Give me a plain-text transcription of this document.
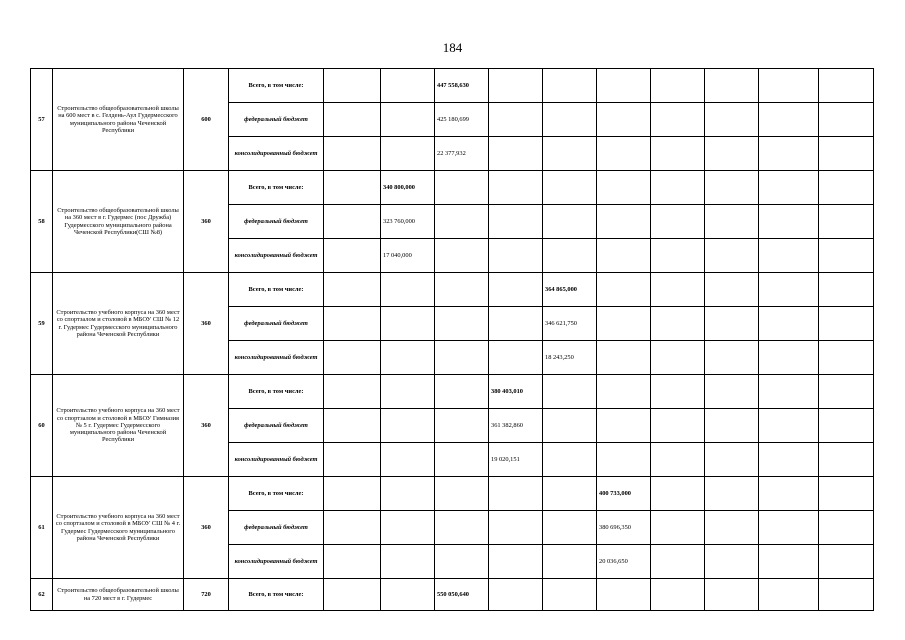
184
57	Строительство общеобразовательной школы на 600 мест в с. Гелдень-Аул Гудермесского муниципального района Чеченской Республики	600	Всего, в том числе:			447 558,630							
			федеральный бюджет			425 180,699							
			консолидированный бюджет			22 377,932							
58	Строительство общеобразовательной школы на 360 мест в г. Гудермес (пос Дружба) Гудермесского муниципального района Чеченской Республики(СШ №8)	360	Всего, в том числе:		340 800,000								
			федеральный бюджет		323 760,000								
			консолидированный бюджет		17 040,000								
59	Строительство учебного корпуса на 360 мест со спортзалом и столовой в МБОУ СШ № 12 г. Гудермес Гудермесского муниципального района Чеченской Республики	360	Всего, в том числе:					364 865,000					
			федеральный бюджет					346 621,750					
			консолидированный бюджет					18 243,250					
60	Строительство учебного корпуса на 360 мест со спортзалом и столовой в МБОУ Гимназия № 5 г. Гудермес Гудермесского муниципального района Чеченской Республики	360	Всего, в том числе:				380 403,010						
			федеральный бюджет				361 382,860						
			консолидированный бюджет				19 020,151						
61	Строительство учебного корпуса на 360 мест со спортзалом и столовой в МБОУ СШ № 4 г. Гудермес Гудермесского муниципального района Чеченской Республики	360	Всего, в том числе:						400 733,000				
			федеральный бюджет						380 696,350				
			консолидированный бюджет						20 036,650				
62	Строительство общеобразовательной школы на 720 мест в г. Гудермес	720	Всего, в том числе:			550 050,640							
